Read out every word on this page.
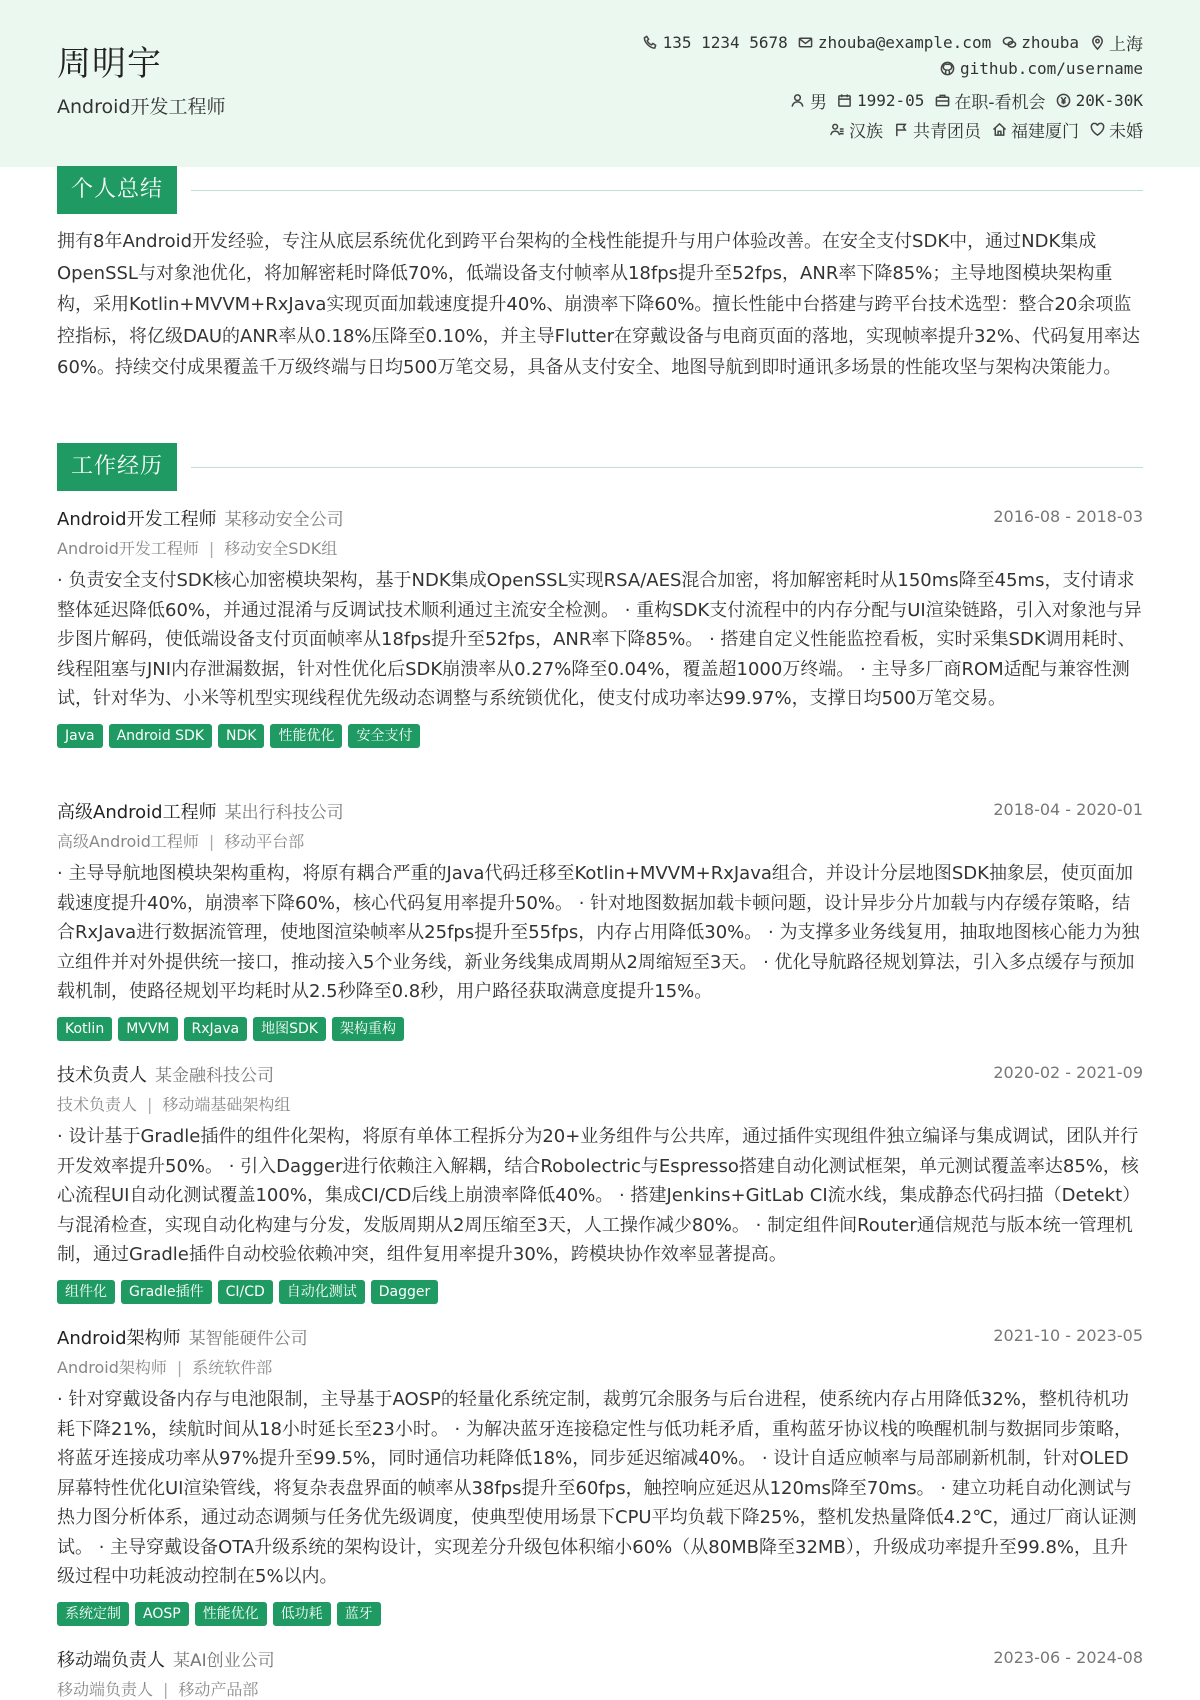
周明宇
Android开发工程师
135 1234 5678 zhouba@example.com zhouba 上海
github.com/username
男 1992-05 在职-看机会 20K-30K
汉族 共青团员 福建厦门 未婚
个人总结
拥有8年Android开发经验，专注从底层系统优化到跨平台架构的全栈性能提升与用户体验改善。在安全支付SDK中，通过NDK集成OpenSSL与对象池优化，将加解密耗时降低70%，低端设备支付帧率从18fps提升至52fps，ANR率下降85%；主导地图模块架构重构，采用Kotlin+MVVM+RxJava实现页面加载速度提升40%、崩溃率下降60%。擅长性能中台搭建与跨平台技术选型：整合20余项监控指标，将亿级DAU的ANR率从0.18%压降至0.10%，并主导Flutter在穿戴设备与电商页面的落地，实现帧率提升32%、代码复用率达60%。持续交付成果覆盖千万级终端与日均500万笔交易，具备从支付安全、地图导航到即时通讯多场景的性能攻坚与架构决策能力。
工作经历
Android开发工程师 某移动安全公司	2016-08 - 2018-03
Android开发工程师 | 移动安全SDK组
· 负责安全支付SDK核心加密模块架构，基于NDK集成OpenSSL实现RSA/AES混合加密，将加解密耗时从150ms降至45ms，支付请求整体延迟降低60%，并通过混淆与反调试技术顺利通过主流安全检测。 · 重构SDK支付流程中的内存分配与UI渲染链路，引入对象池与异步图片解码，使低端设备支付页面帧率从18fps提升至52fps，ANR率下降85%。 · 搭建自定义性能监控看板，实时采集SDK调用耗时、线程阻塞与JNI内存泄漏数据，针对性优化后SDK崩溃率从0.27%降至0.04%，覆盖超1000万终端。 · 主导多厂商ROM适配与兼容性测试，针对华为、小米等机型实现线程优先级动态调整与系统锁优化，使支付成功率达99.97%，支撑日均500万笔交易。
Java	Android SDK	NDK	性能优化	安全支付
高级Android工程师 某出行科技公司	2018-04 - 2020-01
高级Android工程师 | 移动平台部
· 主导导航地图模块架构重构，将原有耦合严重的Java代码迁移至Kotlin+MVVM+RxJava组合，并设计分层地图SDK抽象层，使页面加载速度提升40%，崩溃率下降60%，核心代码复用率提升50%。 · 针对地图数据加载卡顿问题，设计异步分片加载与内存缓存策略，结合RxJava进行数据流管理，使地图渲染帧率从25fps提升至55fps，内存占用降低30%。 · 为支撑多业务线复用，抽取地图核心能力为独立组件并对外提供统一接口，推动接入5个业务线，新业务线集成周期从2周缩短至3天。 · 优化导航路径规划算法，引入多点缓存与预加载机制，使路径规划平均耗时从2.5秒降至0.8秒，用户路径获取满意度提升15%。
Kotlin	MVVM	RxJava	地图SDK	架构重构
技术负责人 某金融科技公司	2020-02 - 2021-09
技术负责人 | 移动端基础架构组
· 设计基于Gradle插件的组件化架构，将原有单体工程拆分为20+业务组件与公共库，通过插件实现组件独立编译与集成调试，团队并行开发效率提升50%。 · 引入Dagger进行依赖注入解耦，结合Robolectric与Espresso搭建自动化测试框架，单元测试覆盖率达85%，核心流程UI自动化测试覆盖100%，集成CI/CD后线上崩溃率降低40%。 · 搭建Jenkins+GitLab CI流水线，集成静态代码扫描（Detekt）与混淆检查，实现自动化构建与分发，发版周期从2周压缩至3天，人工操作减少80%。 · 制定组件间Router通信规范与版本统一管理机制，通过Gradle插件自动校验依赖冲突，组件复用率提升30%，跨模块协作效率显著提高。
组件化	Gradle插件	CI/CD	自动化测试	Dagger
Android架构师 某智能硬件公司	2021-10 - 2023-05
Android架构师 | 系统软件部
· 针对穿戴设备内存与电池限制，主导基于AOSP的轻量化系统定制，裁剪冗余服务与后台进程，使系统内存占用降低32%，整机待机功耗下降21%，续航时间从18小时延长至23小时。 · 为解决蓝牙连接稳定性与低功耗矛盾，重构蓝牙协议栈的唤醒机制与数据同步策略，将蓝牙连接成功率从97%提升至99.5%，同时通信功耗降低18%，同步延迟缩减40%。 · 设计自适应帧率与局部刷新机制，针对OLED屏幕特性优化UI渲染管线，将复杂表盘界面的帧率从38fps提升至60fps，触控响应延迟从120ms降至70ms。 · 建立功耗自动化测试与热力图分析体系，通过动态调频与任务优先级调度，使典型使用场景下CPU平均负载下降25%，整机发热量降低4.2℃，通过厂商认证测试。 · 主导穿戴设备OTA升级系统的架构设计，实现差分升级包体积缩小60%（从80MB降至32MB），升级成功率提升至99.8%，且升级过程中功耗波动控制在5%以内。
系统定制	AOSP	性能优化	低功耗	蓝牙
移动端负责人 某AI创业公司	2023-06 - 2024-08
移动端负责人 | 移动产品部
